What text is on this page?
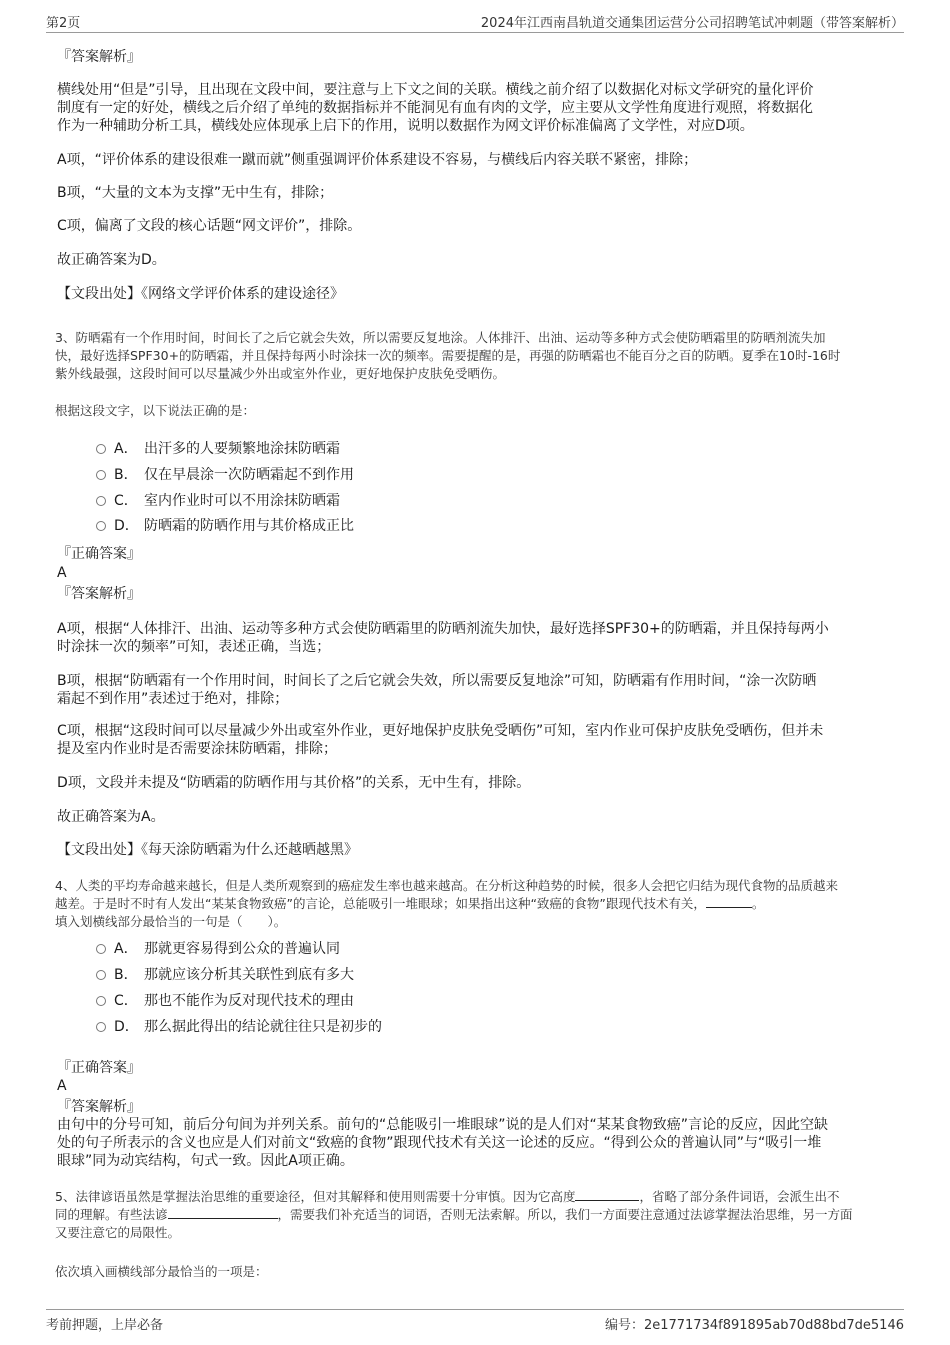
第2页	2024年江西南昌轨道交通集团运营分公司招聘笔试冲刺题（带答案解析）
『答案解析』
横线处用“但是”引导，且出现在文段中间，要注意与上下文之间的关联。横线之前介绍了以数据化对标文学研究的量化评价
制度有一定的好处，横线之后介绍了单纯的数据指标并不能洞见有血有肉的文学，应主要从文学性角度进行观照，将数据化
作为一种辅助分析工具，横线处应体现承上启下的作用，说明以数据作为网文评价标准偏离了文学性，对应D项。
A项，“评价体系的建设很难一蹴而就”侧重强调评价体系建设不容易，与横线后内容关联不紧密，排除；
B项，“大量的文本为支撑”无中生有，排除；
C项，偏离了文段的核心话题“网文评价”，排除。
故正确答案为D。
【文段出处】《网络文学评价体系的建设途径》
3、防晒霜有一个作用时间，时间长了之后它就会失效，所以需要反复地涂。人体排汗、出油、运动等多种方式会使防晒霜里的防晒剂流失加
快，最好选择SPF30+的防晒霜，并且保持每两小时涂抹一次的频率。需要提醒的是，再强的防晒霜也不能百分之百的防晒。夏季在10时-16时
紫外线最强，这段时间可以尽量减少外出或室外作业，更好地保护皮肤免受晒伤。
根据这段文字，以下说法正确的是：
A． 出汗多的人要频繁地涂抹防晒霜
B． 仅在早晨涂一次防晒霜起不到作用
C． 室内作业时可以不用涂抹防晒霜
D． 防晒霜的防晒作用与其价格成正比
『正确答案』
A
『答案解析』
A项，根据“人体排汗、出油、运动等多种方式会使防晒霜里的防晒剂流失加快，最好选择SPF30+的防晒霜，并且保持每两小
时涂抹一次的频率”可知，表述正确，当选；
B项，根据“防晒霜有一个作用时间，时间长了之后它就会失效，所以需要反复地涂”可知，防晒霜有作用时间，“涂一次防晒
霜起不到作用”表述过于绝对，排除；
C项，根据“这段时间可以尽量减少外出或室外作业，更好地保护皮肤免受晒伤”可知，室内作业可保护皮肤免受晒伤，但并未
提及室内作业时是否需要涂抹防晒霜，排除；
D项，文段并未提及“防晒霜的防晒作用与其价格”的关系，无中生有，排除。
故正确答案为A。
【文段出处】《每天涂防晒霜为什么还越晒越黑》
4、人类的平均寿命越来越长，但是人类所观察到的癌症发生率也越来越高。在分析这种趋势的时候，很多人会把它归结为现代食物的品质越来
越差。于是时不时有人发出“某某食物致癌”的言论，总能吸引一堆眼球；如果指出这种“致癌的食物”跟现代技术有关，	。
填入划横线部分最恰当的一句是（　　）。
A． 那就更容易得到公众的普遍认同
B． 那就应该分析其关联性到底有多大
C． 那也不能作为反对现代技术的理由
D． 那么据此得出的结论就往往只是初步的
『正确答案』
A
『答案解析』
由句中的分号可知，前后分句间为并列关系。前句的“总能吸引一堆眼球”说的是人们对“某某食物致癌”言论的反应，因此空缺
处的句子所表示的含义也应是人们对前文“致癌的食物”跟现代技术有关这一论述的反应。“得到公众的普遍认同”与“吸引一堆
眼球”同为动宾结构，句式一致。因此A项正确。
5、法律谚语虽然是掌握法治思维的重要途径，但对其解释和使用则需要十分审慎。因为它高度	，省略了部分条件词语，会派生出不
同的理解。有些法谚	，需要我们补充适当的词语，否则无法索解。所以，我们一方面要注意通过法谚掌握法治思维，另一方面
又要注意它的局限性。
依次填入画横线部分最恰当的一项是：
考前押题，上岸必备	编号：2e1771734f891895ab70d88bd7de5146
